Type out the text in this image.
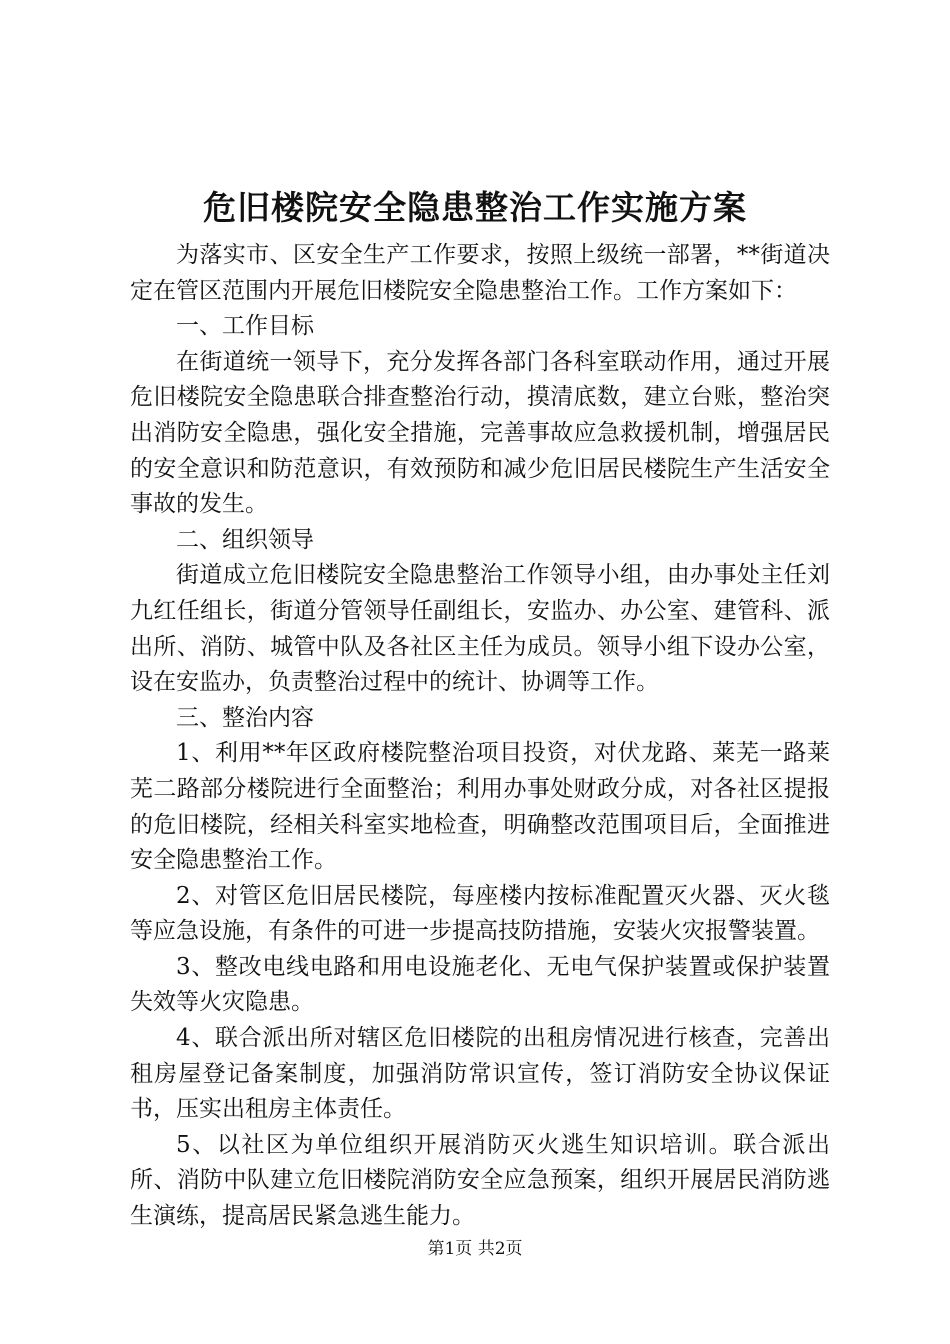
危旧楼院安全隐患整治工作实施方案

为落实市、区安全生产工作要求，按照上级统一部署，**街道决定在管区范围内开展危旧楼院安全隐患整治工作。工作方案如下：

一、工作目标

在街道统一领导下，充分发挥各部门各科室联动作用，通过开展危旧楼院安全隐患联合排查整治行动，摸清底数，建立台账，整治突出消防安全隐患，强化安全措施，完善事故应急救援机制，增强居民的安全意识和防范意识，有效预防和减少危旧居民楼院生产生活安全事故的发生。

二、组织领导

街道成立危旧楼院安全隐患整治工作领导小组，由办事处主任刘九红任组长，街道分管领导任副组长，安监办、办公室、建管科、派出所、消防、城管中队及各社区主任为成员。领导小组下设办公室，设在安监办，负责整治过程中的统计、协调等工作。

三、整治内容

1、利用**年区政府楼院整治项目投资，对伏龙路、莱芜一路莱芜二路部分楼院进行全面整治；利用办事处财政分成，对各社区提报的危旧楼院，经相关科室实地检查，明确整改范围项目后，全面推进安全隐患整治工作。

2、对管区危旧居民楼院，每座楼内按标准配置灭火器、灭火毯等应急设施，有条件的可进一步提高技防措施，安装火灾报警装置。

3、整改电线电路和用电设施老化、无电气保护装置或保护装置失效等火灾隐患。

4、联合派出所对辖区危旧楼院的出租房情况进行核查，完善出租房屋登记备案制度，加强消防常识宣传，签订消防安全协议保证书，压实出租房主体责任。

5、以社区为单位组织开展消防灭火逃生知识培训。联合派出所、消防中队建立危旧楼院消防安全应急预案，组织开展居民消防逃生演练，提高居民紧急逃生能力。

第1页 共2页
